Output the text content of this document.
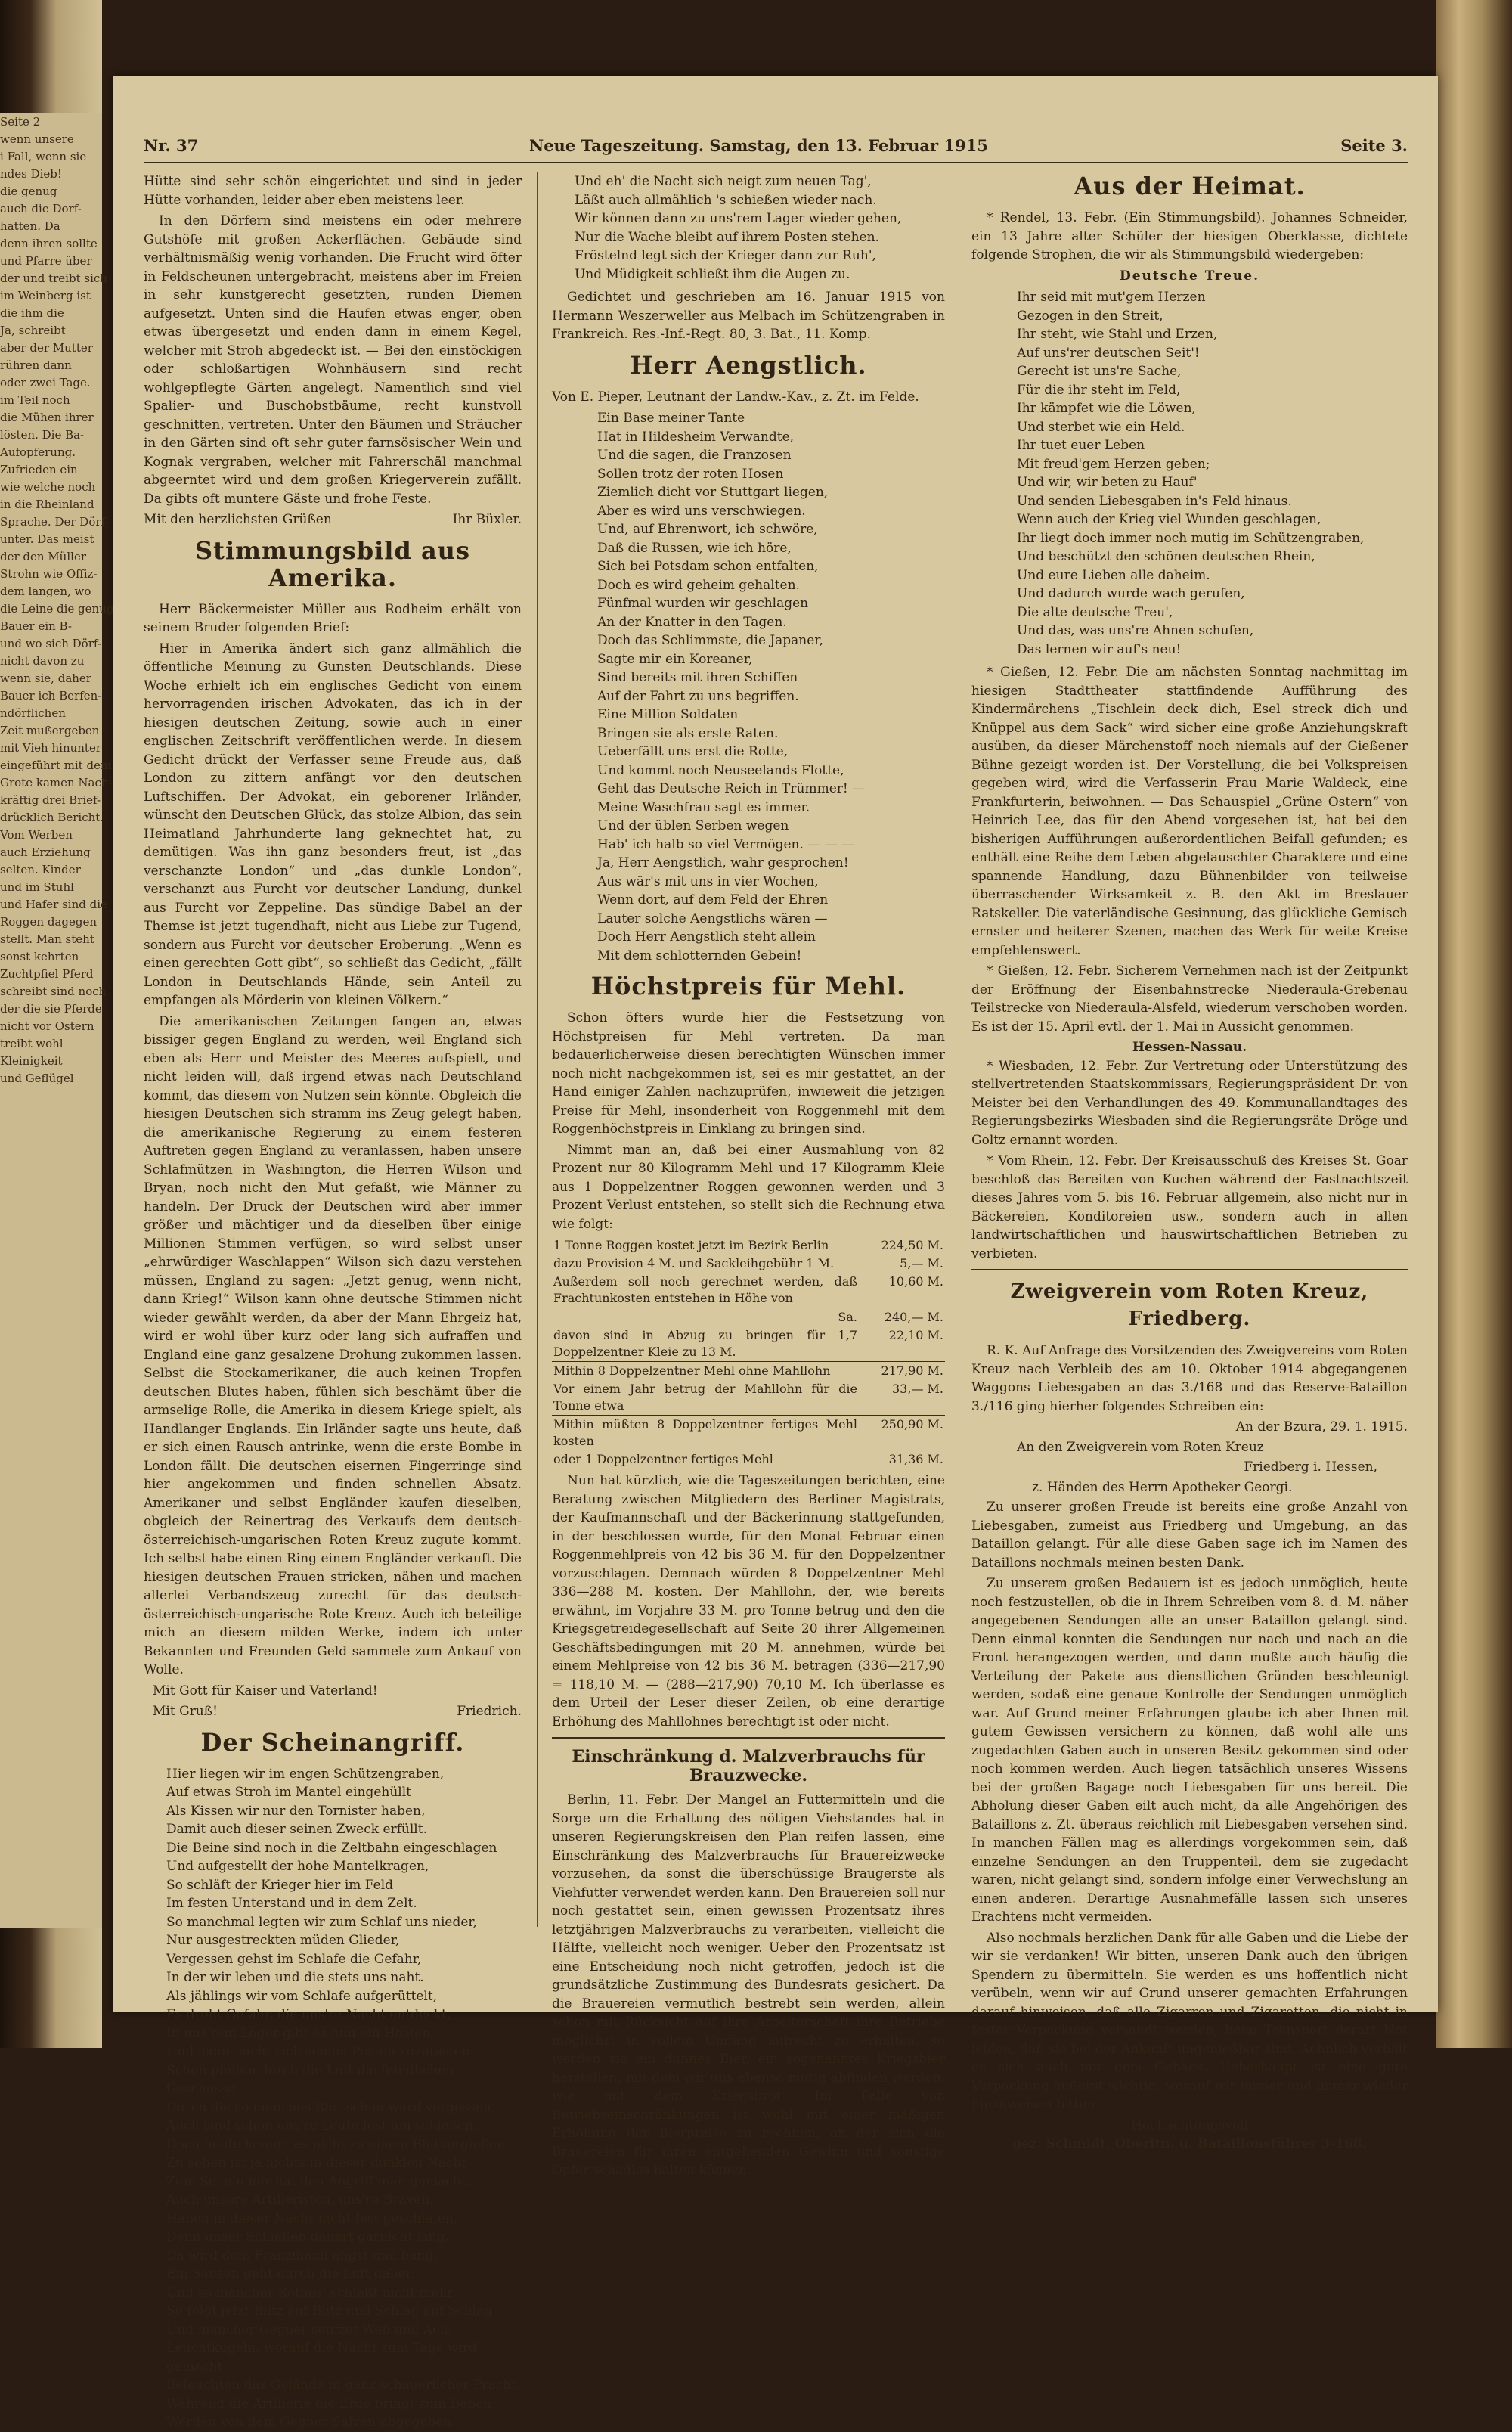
Seite 2
wenn unsere
i Fall, wenn sie
ndes Dieb!
die genug
auch die Dorf-
hatten. Da
denn ihren sollte
und Pfarre über
der und treibt sich
im Weinberg ist
die ihm die
Ja, schreibt
aber der Mutter
rühren dann
oder zwei Tage.
im Teil noch
die Mühen ihrer
lösten. Die Ba-
Aufopferung.
Zufrieden ein
wie welche noch
in die Rheinland
Sprache. Der Dörf-
unter. Das meist
der den Müller
Strohn wie Offiz-
dem langen, wo
die Leine die genug
Bauer ein B-
und wo sich Dörf-
nicht davon zu
wenn sie, daher
Bauer ich Berfen-
ndörflichen
Zeit mußergeben
mit Vieh hinunter
eingeführt mit dem
Grote kamen Nach-
kräftig drei Brief-
drücklich Bericht.
Vom Werben
auch Erziehung
selten. Kinder
und im Stuhl
und Hafer sind die
Roggen dagegen
stellt. Man steht
sonst kehrten
Zuchtpfiel Pferd
schreibt sind noch
der die sie Pferde
nicht vor Ostern
treibt wohl
Kleinigkeit
und Geflügel
Nr. 37	Neue Tageszeitung. Samstag, den 13. Februar 1915	Seite 3.

Hütte sind sehr schön eingerichtet und sind in jeder Hütte vorhanden, leider aber eben meistens leer.

In den Dörfern sind meistens ein oder mehrere Gutshöfe mit großen Ackerflächen. Gebäude sind verhältnismäßig wenig vorhanden. Die Frucht wird öfter in Feldscheunen untergebracht, meistens aber im Freien in sehr kunstgerecht gesetzten, runden Diemen aufgesetzt. Unten sind die Haufen etwas enger, oben etwas übergesetzt und enden dann in einem Kegel, welcher mit Stroh abgedeckt ist. — Bei den einstöckigen oder schloßartigen Wohnhäusern sind recht wohlgepflegte Gärten angelegt. Namentlich sind viel Spalier- und Buschobstbäume, recht kunstvoll geschnitten, vertreten. Unter den Bäumen und Sträucher in den Gärten sind oft sehr guter farnsösischer Wein und Kognak vergraben, welcher mit Fahrerschäl manchmal abgeerntet wird und dem großen Kriegerverein zufällt. Da gibts oft muntere Gäste und frohe Feste.

Mit den herzlichsten Grüßen	Ihr Büxler.
Stimmungsbild aus Amerika.

Herr Bäckermeister Müller aus Rodheim erhält von seinem Bruder folgenden Brief:

Hier in Amerika ändert sich ganz allmählich die öffentliche Meinung zu Gunsten Deutschlands. Diese Woche erhielt ich ein englisches Gedicht von einem hervorragenden irischen Advokaten, das ich in der hiesigen deutschen Zeitung, sowie auch in einer englischen Zeitschrift veröffentlichen werde. In diesem Gedicht drückt der Verfasser seine Freude aus, daß London zu zittern anfängt vor den deutschen Luftschiffen. Der Advokat, ein geborener Irländer, wünscht den Deutschen Glück, das stolze Albion, das sein Heimatland Jahrhunderte lang geknechtet hat, zu demütigen. Was ihn ganz besonders freut, ist „das verschanzte London“ und „das dunkle London“, verschanzt aus Furcht vor deutscher Landung, dunkel aus Furcht vor Zeppeline. Das sündige Babel an der Themse ist jetzt tugendhaft, nicht aus Liebe zur Tugend, sondern aus Furcht vor deutscher Eroberung. „Wenn es einen gerechten Gott gibt“, so schließt das Gedicht, „fällt London in Deutschlands Hände, sein Anteil zu empfangen als Mörderin von kleinen Völkern.“

Die amerikanischen Zeitungen fangen an, etwas bissiger gegen England zu werden, weil England sich eben als Herr und Meister des Meeres aufspielt, und nicht leiden will, daß irgend etwas nach Deutschland kommt, das diesem von Nutzen sein könnte. Obgleich die hiesigen Deutschen sich stramm ins Zeug gelegt haben, die amerikanische Regierung zu einem festeren Auftreten gegen England zu veranlassen, haben unsere Schlafmützen in Washington, die Herren Wilson und Bryan, noch nicht den Mut gefaßt, wie Männer zu handeln. Der Druck der Deutschen wird aber immer größer und mächtiger und da dieselben über einige Millionen Stimmen verfügen, so wird selbst unser „ehrwürdiger Waschlappen“ Wilson sich dazu verstehen müssen, England zu sagen: „Jetzt genug, wenn nicht, dann Krieg!“ Wilson kann ohne deutsche Stimmen nicht wieder gewählt werden, da aber der Mann Ehrgeiz hat, wird er wohl über kurz oder lang sich aufraffen und England eine ganz gesalzene Drohung zukommen lassen. Selbst die Stockamerikaner, die auch keinen Tropfen deutschen Blutes haben, fühlen sich beschämt über die armselige Rolle, die Amerika in diesem Kriege spielt, als Handlanger Englands. Ein Irländer sagte uns heute, daß er sich einen Rausch antrinke, wenn die erste Bombe in London fällt. Die deutschen eisernen Fingerringe sind hier angekommen und finden schnellen Absatz. Amerikaner und selbst Engländer kaufen dieselben, obgleich der Reinertrag des Verkaufs dem deutsch-österreichisch-ungarischen Roten Kreuz zugute kommt. Ich selbst habe einen Ring einem Engländer verkauft. Die hiesigen deutschen Frauen stricken, nähen und machen allerlei Verbandszeug zurecht für das deutsch-österreichisch-ungarische Rote Kreuz. Auch ich beteilige mich an diesem milden Werke, indem ich unter Bekannten und Freunden Geld sammele zum Ankauf von Wolle.

Mit Gott für Kaiser und Vaterland!

Mit Gruß!	Friedrich.
Der Scheinangriff.
Hier liegen wir im engen Schützengraben,
Auf etwas Stroh im Mantel eingehüllt
Als Kissen wir nur den Tornister haben,
Damit auch dieser seinen Zweck erfüllt.
Die Beine sind noch in die Zeltbahn eingeschlagen
Und aufgestellt der hohe Mantelkragen,
So schläft der Krieger hier im Feld
Im festen Unterstand und in dem Zelt.
So manchmal legten wir zum Schlaf uns nieder,
Nur ausgestreckten müden Glieder,
Vergessen gehst im Schlafe die Gefahr,
In der wir leben und die stets uns naht.
Als jählings wir vom Schlafe aufgerüttelt,
Es droht Gefahr, die uns're Nacht entdeckt,
In uns'rem Lager gibt es nun ein Hasten,
Und jeder sucht sich seinen Posten zuzutasten.
Schon pfeifen durch die Luft die feindlichen Geschosse
Durch die so manches Blut schon ward vergossen,
Auch sind schon uns're Leute fest am schießen,
Doch heute kommt es nicht zu einem Blutvergießen;
Zu sehen ist ja nichts in dieser dunklen Nacht
Zum Schein nur hat den Angriff man gemacht.
Auch unsere Artilleristen, uns're Braven,
Haben in dieser Nacht nicht fest geschlafen,
Denn unser Schießen dauert garnicht lang,
Da wird dem Franzmann angst und bang.
Ein Sausen geht durch die Luft daher,
Und so mancher Rothos' schießt nicht mehr.
So folgt jetzt Blitz auf Blitz und Schlag auf Schlag
Und mancher Gegner seufzet Weh und Ach,
Leuchtkugeln, worauf die Nacht zum Tage wird gemacht.
Beleuchten das Gelände in ganz schauerlicher Pracht,
Während die Artillerie die Erde bringt zum Beben,
Werden von dem Gegner Salven abgegeben.
Und eh' die Nacht sich neigt zum neuen Tag',
Läßt auch allmählich 's schießen wieder nach.
Wir können dann zu uns'rem Lager wieder gehen,
Nur die Wache bleibt auf ihrem Posten stehen.
Fröstelnd legt sich der Krieger dann zur Ruh',
Und Müdigkeit schließt ihm die Augen zu.

Gedichtet und geschrieben am 16. Januar 1915 von Hermann Weszerweller aus Melbach im Schützengraben in Frankreich. Res.-Inf.-Regt. 80, 3. Bat., 11. Komp.

Herr Aengstlich.

Von E. Pieper, Leutnant der Landw.-Kav., z. Zt. im Felde.

Ein Base meiner Tante
Hat in Hildesheim Verwandte,
Und die sagen, die Franzosen
Sollen trotz der roten Hosen
Ziemlich dicht vor Stuttgart liegen,
Aber es wird uns verschwiegen.
Und, auf Ehrenwort, ich schwöre,
Daß die Russen, wie ich höre,
Sich bei Potsdam schon entfalten,
Doch es wird geheim gehalten.
Fünfmal wurden wir geschlagen
An der Knatter in den Tagen.
Doch das Schlimmste, die Japaner,
Sagte mir ein Koreaner,
Sind bereits mit ihren Schiffen
Auf der Fahrt zu uns begriffen.
Eine Million Soldaten
Bringen sie als erste Raten.
Ueberfällt uns erst die Rotte,
Und kommt noch Neuseelands Flotte,
Geht das Deutsche Reich in Trümmer! —
Meine Waschfrau sagt es immer.
Und der üblen Serben wegen
Hab' ich halb so viel Vermögen. — — —
Ja, Herr Aengstlich, wahr gesprochen!
Aus wär's mit uns in vier Wochen,
Wenn dort, auf dem Feld der Ehren
Lauter solche Aengstlichs wären —
Doch Herr Aengstlich steht allein
Mit dem schlotternden Gebein!
Höchstpreis für Mehl.

Schon öfters wurde hier die Festsetzung von Höchstpreisen für Mehl vertreten. Da man bedauerlicherweise diesen berechtigten Wünschen immer noch nicht nachgekommen ist, sei es mir gestattet, an der Hand einiger Zahlen nachzuprüfen, inwieweit die jetzigen Preise für Mehl, insonderheit von Roggenmehl mit dem Roggenhöchstpreis in Einklang zu bringen sind.

Nimmt man an, daß bei einer Ausmahlung von 82 Prozent nur 80 Kilogramm Mehl und 17 Kilogramm Kleie aus 1 Doppelzentner Roggen gewonnen werden und 3 Prozent Verlust entstehen, so stellt sich die Rechnung etwa wie folgt:

1 Tonne Roggen kostet jetzt im Bezirk Berlin	224,50 M.
dazu Provision 4 M. und Sackleihgebühr 1 M.	5,— M.
Außerdem soll noch gerechnet werden, daß Frachtunkosten entstehen in Höhe von	10,60 M.
Sa.	240,— M.
davon sind in Abzug zu bringen für 1,7 Doppelzentner Kleie zu 13 M.	22,10 M.
Mithin 8 Doppelzentner Mehl ohne Mahllohn	217,90 M.
Vor einem Jahr betrug der Mahllohn für die Tonne etwa	33,— M.
Mithin müßten 8 Doppelzentner fertiges Mehl kosten	250,90 M.
oder 1 Doppelzentner fertiges Mehl	31,36 M.

Nun hat kürzlich, wie die Tageszeitungen berichten, eine Beratung zwischen Mitgliedern des Berliner Magistrats, der Kaufmannschaft und der Bäckerinnung stattgefunden, in der beschlossen wurde, für den Monat Februar einen Roggenmehlpreis von 42 bis 36 M. für den Doppelzentner vorzuschlagen. Demnach würden 8 Doppelzentner Mehl 336—288 M. kosten. Der Mahllohn, der, wie bereits erwähnt, im Vorjahre 33 M. pro Tonne betrug und den die Kriegsgetreidegesellschaft auf Seite 20 ihrer Allgemeinen Geschäftsbedingungen mit 20 M. annehmen, würde bei einem Mehlpreise von 42 bis 36 M. betragen (336—217,90 = 118,10 M. — (288—217,90) 70,10 M. Ich überlasse es dem Urteil der Leser dieser Zeilen, ob eine derartige Erhöhung des Mahllohnes berechtigt ist oder nicht.

Einschränkung d. Malzverbrauchs für Brauzwecke.

Berlin, 11. Febr. Der Mangel an Futtermitteln und die Sorge um die Erhaltung des nötigen Viehstandes hat in unseren Regierungskreisen den Plan reifen lassen, eine Einschränkung des Malzverbrauchs für Brauereizwecke vorzusehen, da sonst die überschüssige Braugerste als Viehfutter verwendet werden kann. Den Brauereien soll nur noch gestattet sein, einen gewissen Prozentsatz ihres letztjährigen Malzverbrauchs zu verarbeiten, vielleicht die Hälfte, vielleicht noch weniger. Ueber den Prozentsatz ist eine Entscheidung noch nicht getroffen, jedoch ist die grundsätzliche Zustimmung des Bundesrats gesichert. Da die Brauereien vermutlich bestrebt sein werden, allein schon mit Rücksicht auf ihre Arbeiterschaft ihre Betriebe möglichst in vollem Umfang aufrecht zu erhalten, so werden sie ein dünnes Bier, ein sogenanntes Kriegsbier herstellen, mit dem wir uns ebenso mutig abfinden werden, wie mit dem Kriegsbrot. Im Falle von Betriebseinschränkungen ist wohl mit einer mäßigen Erhöhung der Bierpreise zu rechnen, an der sich die Brauereien für ihren entgehenden Gewinn und sonstige Opfer schadlos halten können.

Aus der Heimat.

* Rendel, 13. Febr. (Ein Stimmungsbild). Johannes Schneider, ein 13 Jahre alter Schüler der hiesigen Oberklasse, dichtete folgende Strophen, die wir als Stimmungsbild wiedergeben:

Deutsche Treue.
Ihr seid mit mut'gem Herzen
Gezogen in den Streit,
Ihr steht, wie Stahl und Erzen,
Auf uns'rer deutschen Seit'!
Gerecht ist uns're Sache,
Für die ihr steht im Feld,
Ihr kämpfet wie die Löwen,
Und sterbet wie ein Held.
Ihr tuet euer Leben
Mit freud'gem Herzen geben;
Und wir, wir beten zu Hauf'
Und senden Liebesgaben in's Feld hinaus.
Wenn auch der Krieg viel Wunden geschlagen,
Ihr liegt doch immer noch mutig im Schützengraben,
Und beschützt den schönen deutschen Rhein,
Und eure Lieben alle daheim.
Und dadurch wurde wach gerufen,
Die alte deutsche Treu',
Und das, was uns're Ahnen schufen,
Das lernen wir auf's neu!

* Gießen, 12. Febr. Die am nächsten Sonntag nachmittag im hiesigen Stadttheater stattfindende Aufführung des Kindermärchens „Tischlein deck dich, Esel streck dich und Knüppel aus dem Sack“ wird sicher eine große Anziehungskraft ausüben, da dieser Märchenstoff noch niemals auf der Gießener Bühne gezeigt worden ist. Der Vorstellung, die bei Volkspreisen gegeben wird, wird die Verfasserin Frau Marie Waldeck, eine Frankfurterin, beiwohnen. — Das Schauspiel „Grüne Ostern“ von Heinrich Lee, das für den Abend vorgesehen ist, hat bei den bisherigen Aufführungen außerordentlichen Beifall gefunden; es enthält eine Reihe dem Leben abgelauschter Charaktere und eine spannende Handlung, dazu Bühnenbilder von teilweise überraschender Wirksamkeit z. B. den Akt im Breslauer Ratskeller. Die vaterländische Gesinnung, das glückliche Gemisch ernster und heiterer Szenen, machen das Werk für weite Kreise empfehlenswert.

* Gießen, 12. Febr. Sicherem Vernehmen nach ist der Zeitpunkt der Eröffnung der Eisenbahnstrecke Niederaula-Grebenau Teilstrecke von Niederaula-Alsfeld, wiederum verschoben worden. Es ist der 15. April evtl. der 1. Mai in Aussicht genommen.

Hessen-Nassau.

* Wiesbaden, 12. Febr. Zur Vertretung oder Unterstützung des stellvertretenden Staatskommissars, Regierungspräsident Dr. von Meister bei den Verhandlungen des 49. Kommunallandtages des Regierungsbezirks Wiesbaden sind die Regierungsräte Dröge und Goltz ernannt worden.

* Vom Rhein, 12. Febr. Der Kreisausschuß des Kreises St. Goar beschloß das Bereiten von Kuchen während der Fastnachtszeit dieses Jahres vom 5. bis 16. Februar allgemein, also nicht nur in Bäckereien, Konditoreien usw., sondern auch in allen landwirtschaftlichen und hauswirtschaftlichen Betrieben zu verbieten.

Zweigverein vom Roten Kreuz, Friedberg.

R. K. Auf Anfrage des Vorsitzenden des Zweigvereins vom Roten Kreuz nach Verbleib des am 10. Oktober 1914 abgegangenen Waggons Liebesgaben an das 3./168 und das Reserve-Bataillon 3./116 ging hierher folgendes Schreiben ein:

An der Bzura, 29. 1. 1915.
An den Zweigverein vom Roten Kreuz
Friedberg i. Hessen,
z. Händen des Herrn Apotheker Georgi.

Zu unserer großen Freude ist bereits eine große Anzahl von Liebesgaben, zumeist aus Friedberg und Umgebung, an das Bataillon gelangt. Für alle diese Gaben sage ich im Namen des Bataillons nochmals meinen besten Dank.

Zu unserem großen Bedauern ist es jedoch unmöglich, heute noch festzustellen, ob die in Ihrem Schreiben vom 8. d. M. näher angegebenen Sendungen alle an unser Bataillon gelangt sind. Denn einmal konnten die Sendungen nur nach und nach an die Front herangezogen werden, und dann mußte auch häufig die Verteilung der Pakete aus dienstlichen Gründen beschleunigt werden, sodaß eine genaue Kontrolle der Sendungen unmöglich war. Auf Grund meiner Erfahrungen glaube ich aber Ihnen mit gutem Gewissen versichern zu können, daß wohl alle uns zugedachten Gaben auch in unseren Besitz gekommen sind oder noch kommen werden. Auch liegen tatsächlich unseres Wissens bei der großen Bagage noch Liebesgaben für uns bereit. Die Abholung dieser Gaben eilt auch nicht, da alle Angehörigen des Bataillons z. Zt. überaus reichlich mit Liebesgaben versehen sind. In manchen Fällen mag es allerdings vorgekommen sein, daß einzelne Sendungen an den Truppenteil, dem sie zugedacht waren, nicht gelangt sind, sondern infolge einer Verwechslung an einen anderen. Derartige Ausnahmefälle lassen sich unseres Erachtens nicht vermeiden.

Also nochmals herzlichen Dank für alle Gaben und die Liebe der wir sie verdanken! Wir bitten, unseren Dank auch den übrigen Spendern zu übermitteln. Sie werden es uns hoffentlich nicht verübeln, wenn wir auf Grund unserer gemachten Erfahrungen darauf hinweisen, daß alle Zigarren und Zigaretten, die nicht in fester Verpackung versandt werden, beim Transport derart Not leiden, daß sie bei der Ankunft ungenießbar sind. Aehnlich verhält es sich auch mit dem Gebäck. Ueberhaupt ist eine gute Verpackung äußerst wichtig, worauf wir immer und immer wieder hinzuweisen bitten.

Hochachtungsvoll
gez. Schmidt, Oberltn. u. Bataillonsführer 3-168.
